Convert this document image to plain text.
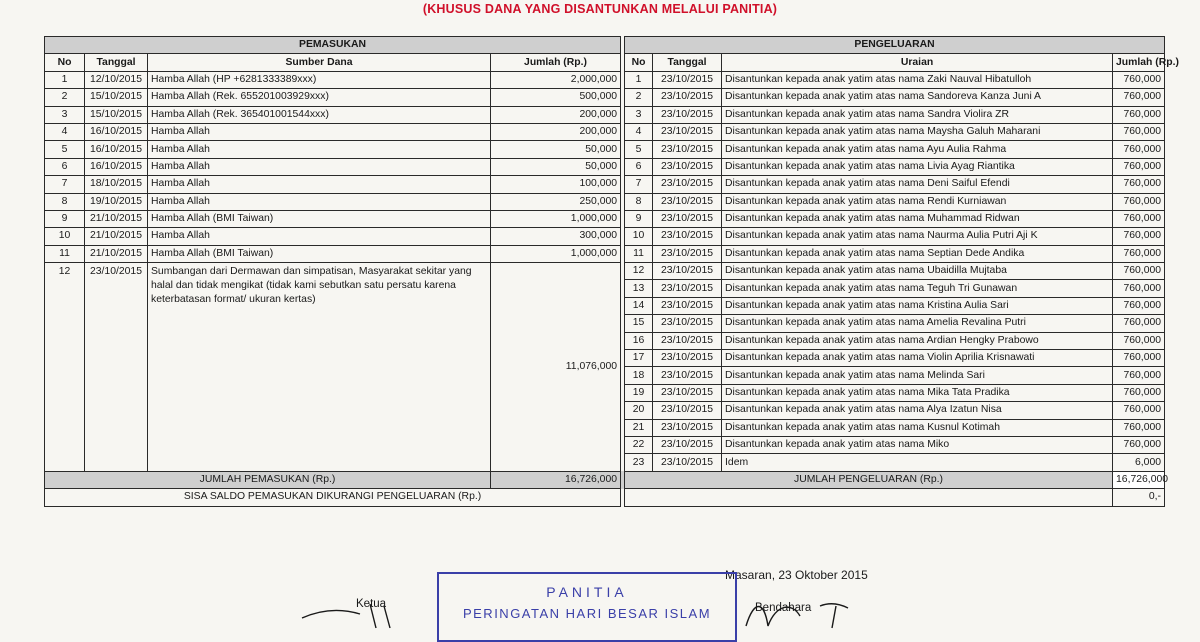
(KHUSUS DANA YANG DISANTUNKAN MELALUI PANITIA)
PEMASUKAN					PENGELUARAN			
No	Tanggal	Sumber Dana	Jumlah (Rp.)		No	Tanggal	Uraian	Jumlah (Rp.)
1	12/10/2015	Hamba Allah (HP +6281333389xxx)	2,000,000		1	23/10/2015	Disantunkan kepada anak yatim atas nama Zaki Nauval Hibatulloh	760,000
2	15/10/2015	Hamba Allah (Rek. 655201003929xxx)	500,000		2	23/10/2015	Disantunkan kepada anak yatim atas nama Sandoreva Kanza Juni A	760,000
3	15/10/2015	Hamba Allah (Rek. 365401001544xxx)	200,000		3	23/10/2015	Disantunkan kepada anak yatim atas nama Sandra Violira ZR	760,000
4	16/10/2015	Hamba Allah	200,000		4	23/10/2015	Disantunkan kepada anak yatim atas nama Maysha Galuh Maharani	760,000
5	16/10/2015	Hamba Allah	50,000		5	23/10/2015	Disantunkan kepada anak yatim atas nama Ayu Aulia Rahma	760,000
6	16/10/2015	Hamba Allah	50,000		6	23/10/2015	Disantunkan kepada anak yatim atas nama Livia Ayag Riantika	760,000
7	18/10/2015	Hamba Allah	100,000		7	23/10/2015	Disantunkan kepada anak yatim atas nama Deni Saiful Efendi	760,000
8	19/10/2015	Hamba Allah	250,000		8	23/10/2015	Disantunkan kepada anak yatim atas nama Rendi Kurniawan	760,000
9	21/10/2015	Hamba Allah (BMI Taiwan)	1,000,000		9	23/10/2015	Disantunkan kepada anak yatim atas nama Muhammad Ridwan	760,000
10	21/10/2015	Hamba Allah	300,000		10	23/10/2015	Disantunkan kepada anak yatim atas nama Naurma Aulia Putri Aji K	760,000
11	21/10/2015	Hamba Allah (BMI Taiwan)	1,000,000		11	23/10/2015	Disantunkan kepada anak yatim atas nama Septian Dede Andika	760,000
12	23/10/2015	Sumbangan dari Dermawan dan simpatisan, Masyarakat sekitar yang halal dan tidak mengikat (tidak kami sebutkan satu persatu karena keterbatasan format/ ukuran kertas)	11,076,000		12	23/10/2015	Disantunkan kepada anak yatim atas nama Ubaidilla Mujtaba	760,000
					13	23/10/2015	Disantunkan kepada anak yatim atas nama Teguh Tri Gunawan	760,000
					14	23/10/2015	Disantunkan kepada anak yatim atas nama Kristina Aulia Sari	760,000
					15	23/10/2015	Disantunkan kepada anak yatim atas nama Amelia Revalina Putri	760,000
					16	23/10/2015	Disantunkan kepada anak yatim atas nama Ardian Hengky Prabowo	760,000
					17	23/10/2015	Disantunkan kepada anak yatim atas nama Violin Aprilia Krisnawati	760,000
					18	23/10/2015	Disantunkan kepada anak yatim atas nama Melinda Sari	760,000
					19	23/10/2015	Disantunkan kepada anak yatim atas nama Mika Tata Pradika	760,000
					20	23/10/2015	Disantunkan kepada anak yatim atas nama Alya Izatun Nisa	760,000
					21	23/10/2015	Disantunkan kepada anak yatim atas nama Kusnul Kotimah	760,000
					22	23/10/2015	Disantunkan kepada anak yatim atas nama Miko	760,000
					23	23/10/2015	Idem	6,000
JUMLAH PEMASUKAN (Rp.)			16,726,000		JUMLAH PENGELUARAN (Rp.)			16,726,000
SISA SALDO PEMASUKAN DIKURANGI PENGELUARAN (Rp.)								0,-
Masaran, 23 Oktober 2015
Ketua	Bendahara
PANITIA
PERINGATAN HARI BESAR ISLAM
